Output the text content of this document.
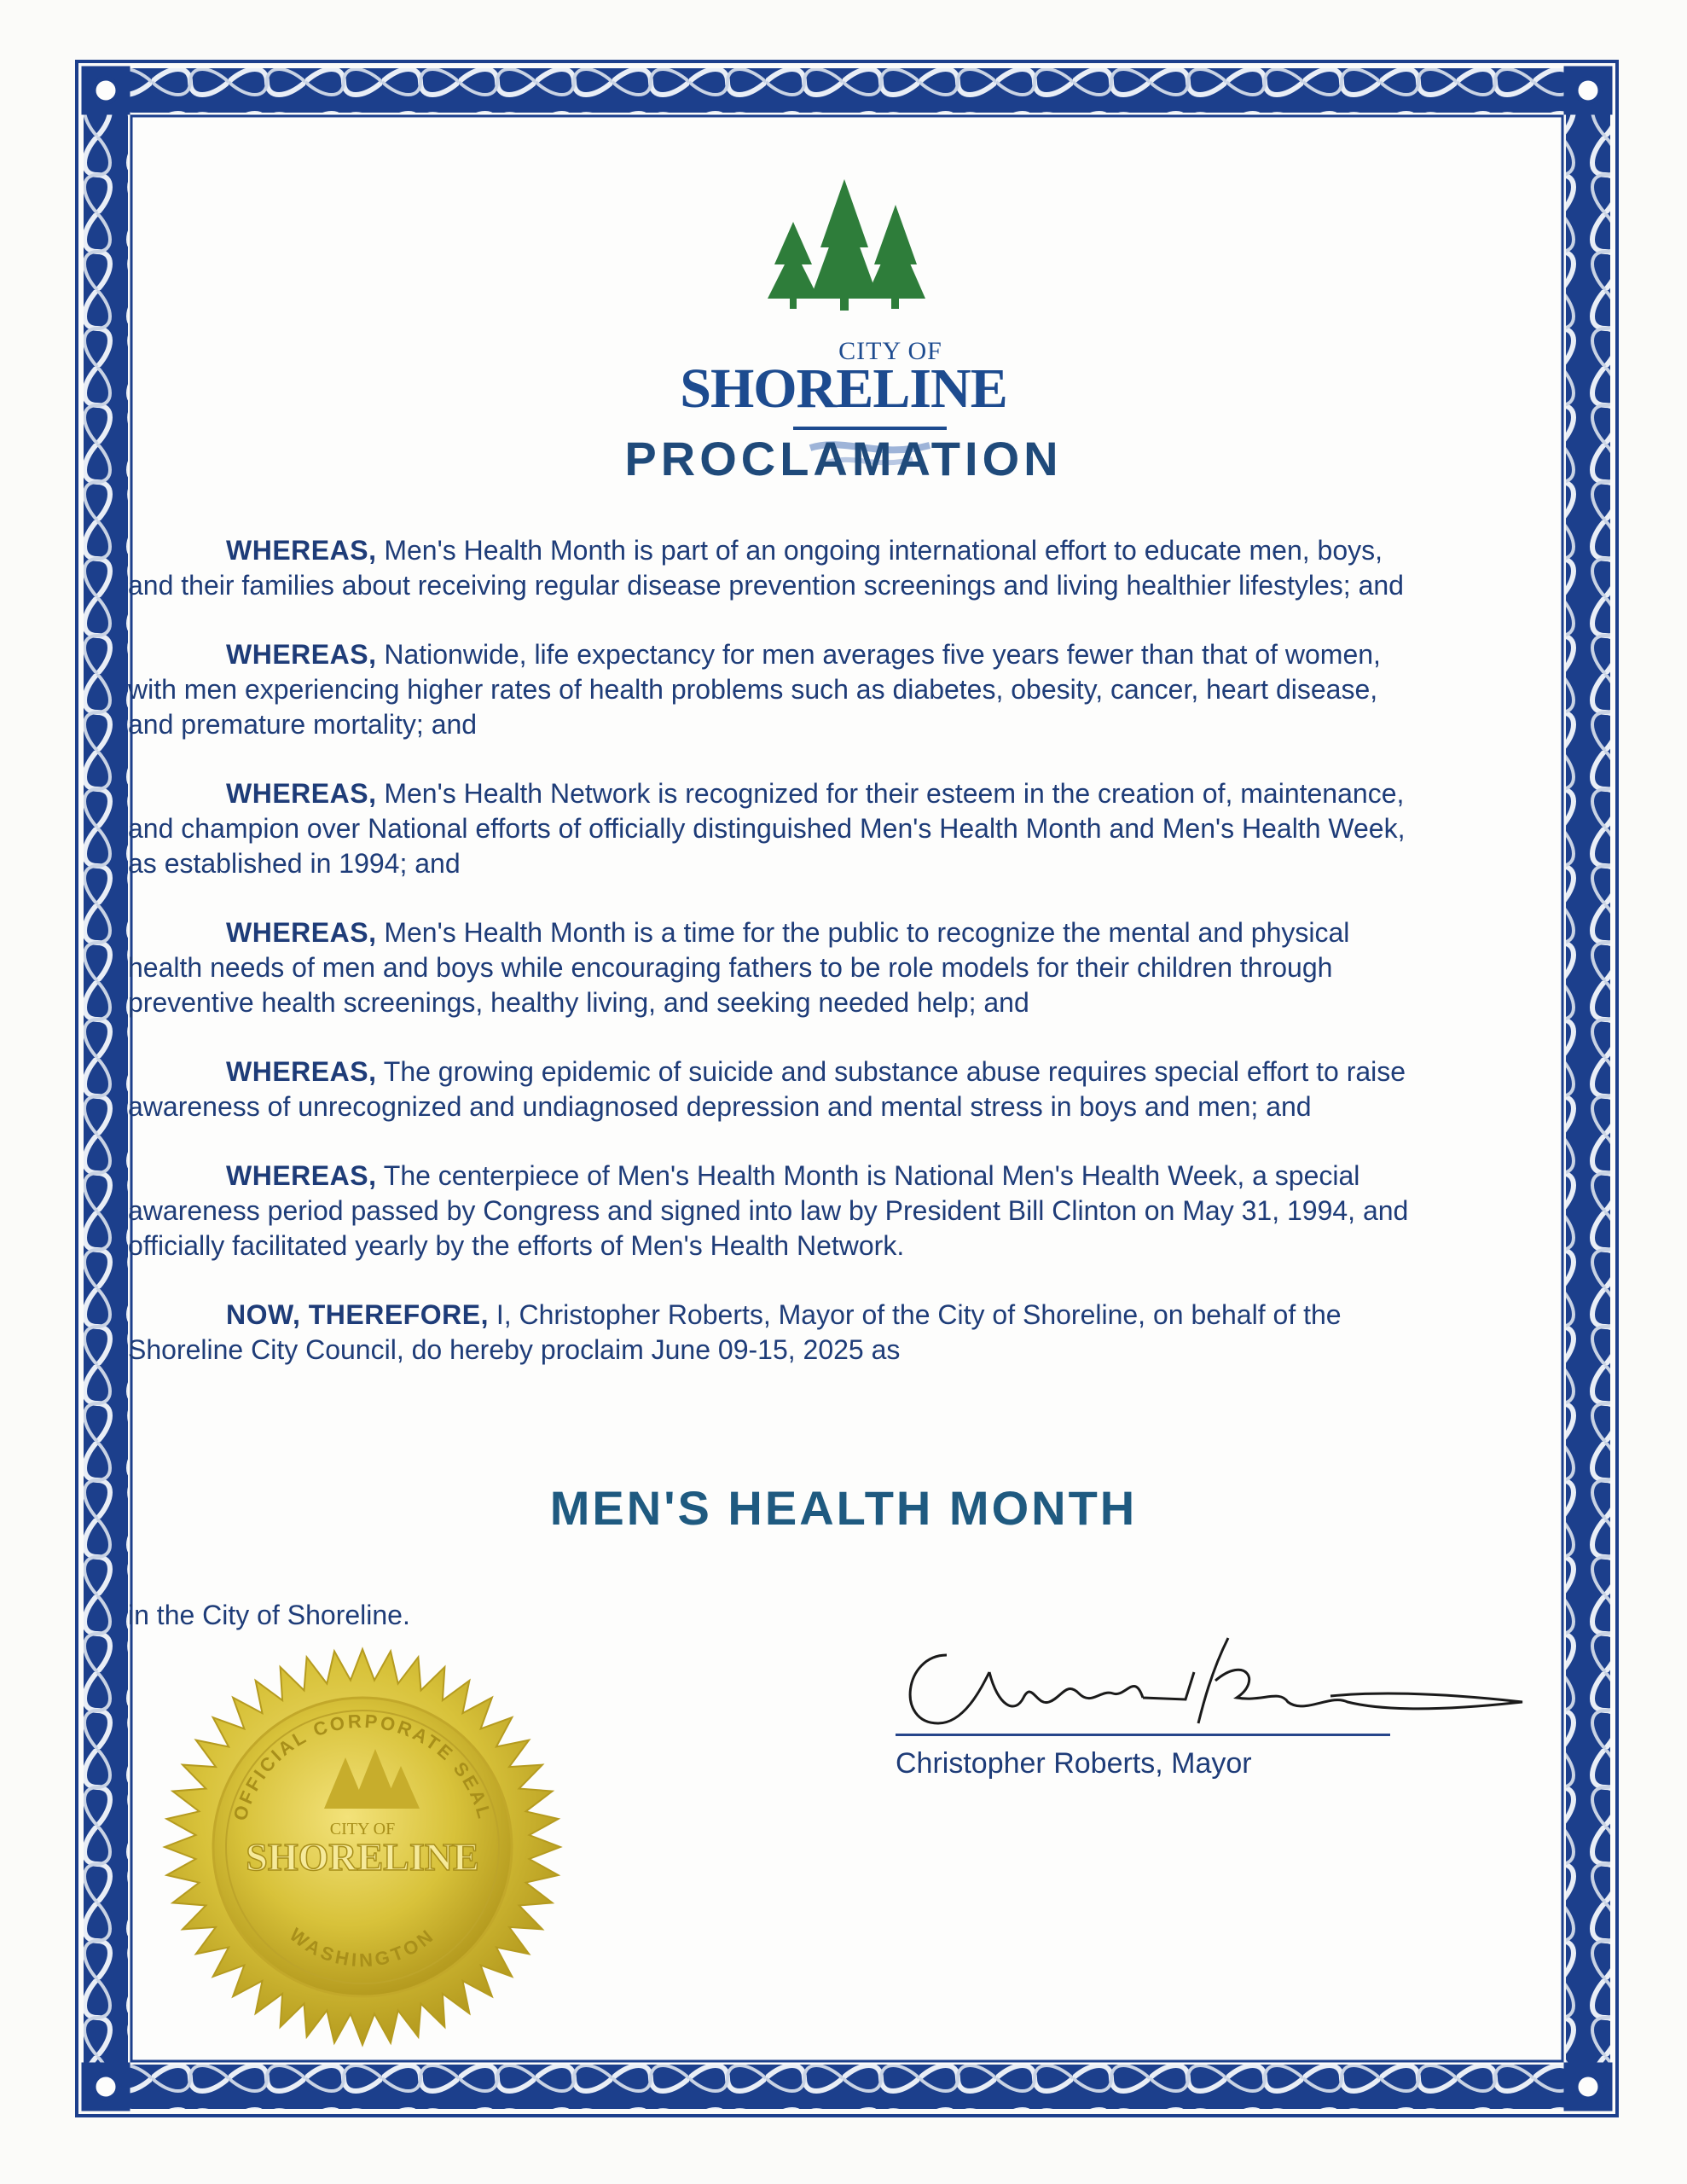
CITY OF
SHORELINE
PROCLAMATION

WHEREAS, Men's Health Month is part of an ongoing international effort to educate men, boys, and their families about receiving regular disease prevention screenings and living healthier lifestyles; and

WHEREAS, Nationwide, life expectancy for men averages five years fewer than that of women, with men experiencing higher rates of health problems such as diabetes, obesity, cancer, heart disease, and premature mortality; and

WHEREAS, Men's Health Network is recognized for their esteem in the creation of, maintenance, and champion over National efforts of officially distinguished Men's Health Month and Men's Health Week, as established in 1994; and

WHEREAS, Men's Health Month is a time for the public to recognize the mental and physical health needs of men and boys while encouraging fathers to be role models for their children through preventive health screenings, healthy living, and seeking needed help; and

WHEREAS, The growing epidemic of suicide and substance abuse requires special effort to raise awareness of unrecognized and undiagnosed depression and mental stress in boys and men; and

WHEREAS, The centerpiece of Men's Health Month is National Men's Health Week, a special awareness period passed by Congress and signed into law by President Bill Clinton on May 31, 1994, and officially facilitated yearly by the efforts of Men's Health Network.

NOW, THEREFORE, I, Christopher Roberts, Mayor of the City of Shoreline, on behalf of the Shoreline City Council, do hereby proclaim June 09-15, 2025 as

MEN'S HEALTH MONTH
in the City of Shoreline.
Christopher Roberts, Mayor
OFFICIAL CORPORATE SEAL
WASHINGTON
CITY OF
SHORELINE
